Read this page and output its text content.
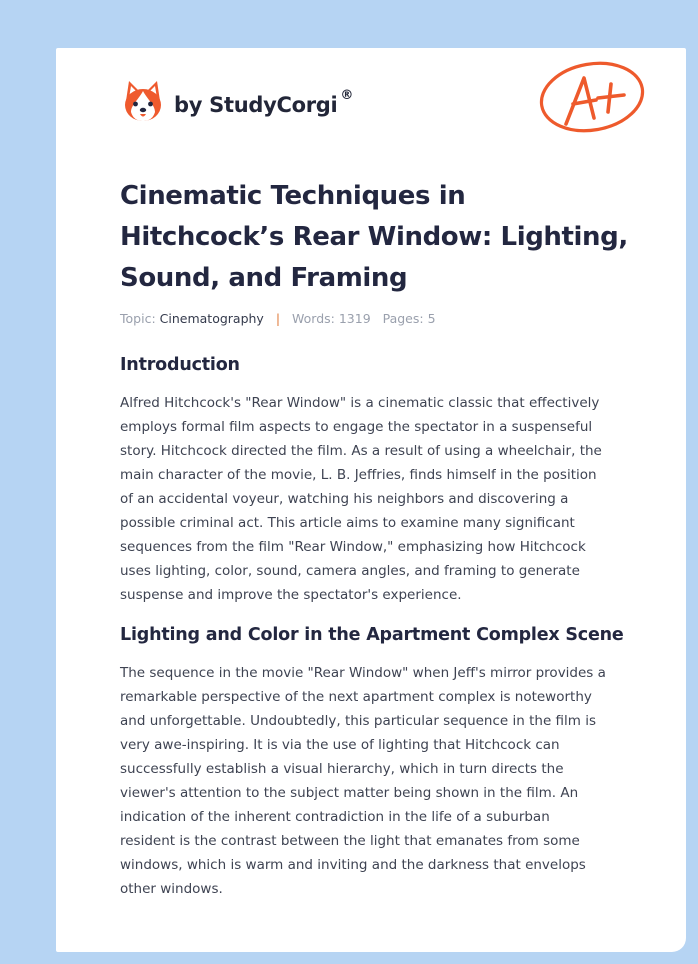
by StudyCorgi ®
Cinematic Techniques in Hitchcock’s Rear Window: Lighting, Sound, and Framing
Topic: Cinematography | Words: 1319 Pages: 5
Introduction
Alfred Hitchcock's "Rear Window" is a cinematic classic that effectively
employs formal film aspects to engage the spectator in a suspenseful
story. Hitchcock directed the film. As a result of using a wheelchair, the
main character of the movie, L. B. Jeffries, finds himself in the position
of an accidental voyeur, watching his neighbors and discovering a
possible criminal act. This article aims to examine many significant
sequences from the film "Rear Window," emphasizing how Hitchcock
uses lighting, color, sound, camera angles, and framing to generate
suspense and improve the spectator's experience.
Lighting and Color in the Apartment Complex Scene
The sequence in the movie "Rear Window" when Jeff's mirror provides a
remarkable perspective of the next apartment complex is noteworthy
and unforgettable. Undoubtedly, this particular sequence in the film is
very awe-inspiring. It is via the use of lighting that Hitchcock can
successfully establish a visual hierarchy, which in turn directs the
viewer's attention to the subject matter being shown in the film. An
indication of the inherent contradiction in the life of a suburban
resident is the contrast between the light that emanates from some
windows, which is warm and inviting and the darkness that envelops
other windows.
